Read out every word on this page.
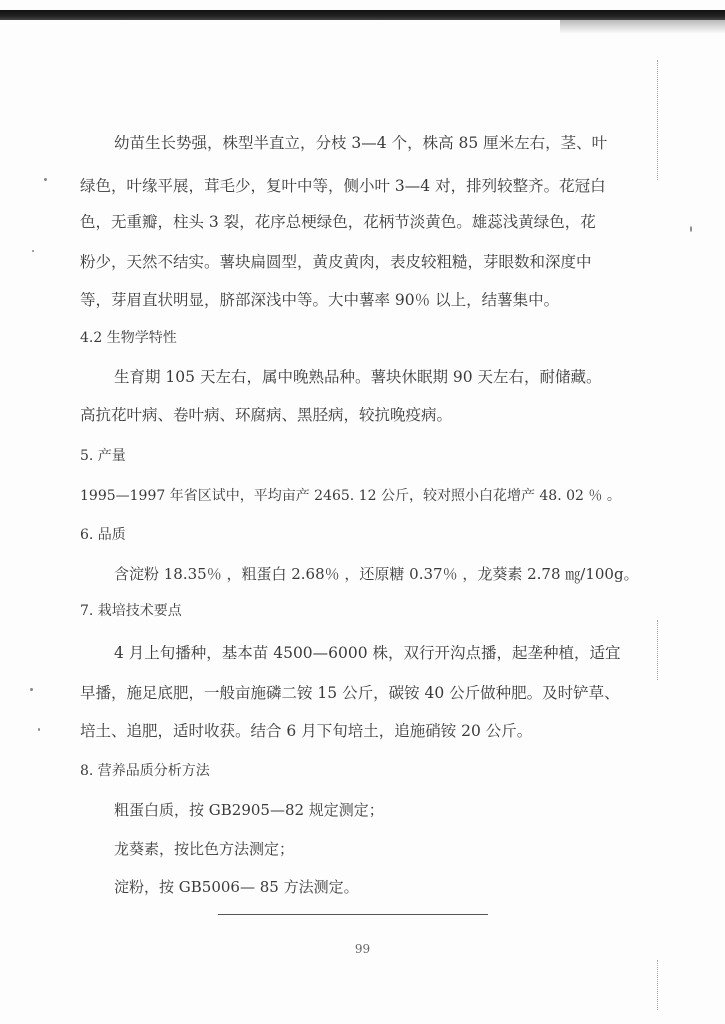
幼苗生长势强，株型半直立，分枝 3—4 个，株高 85 厘米左右，茎、叶
绿色，叶缘平展，茸毛少，复叶中等，侧小叶 3—4 对，排列较整齐。花冠白
色，无重瓣，柱头 3 裂，花序总梗绿色，花柄节淡黄色。雄蕊浅黄绿色，花
粉少，天然不结实。薯块扁圆型，黄皮黄肉，表皮较粗糙，芽眼数和深度中
等，芽眉直状明显，脐部深浅中等。大中薯率 90％ 以上，结薯集中。
4.2 生物学特性
生育期 105 天左右，属中晚熟品种。薯块休眠期 90 天左右，耐储藏。
高抗花叶病、卷叶病、环腐病、黑胫病，较抗晚疫病。
5. 产量
1995—1997 年省区试中，平均亩产 2465. 12 公斤，较对照小白花增产 48. 02 ％ 。
6. 品质
含淀粉 18.35％ ，粗蛋白 2.68％ ，还原糖 0.37％ ，龙葵素 2.78 ㎎/100g。
7. 栽培技术要点
4 月上旬播种，基本苗 4500—6000 株，双行开沟点播，起垄种植，适宜
早播，施足底肥，一般亩施磷二铵 15 公斤，碳铵 40 公斤做种肥。及时铲草、
培土、追肥，适时收获。结合 6 月下旬培土，追施硝铵 20 公斤。
8. 营养品质分析方法
粗蛋白质，按 GB2905—82 规定测定；
龙葵素，按比色方法测定；
淀粉，按 GB5006— 85 方法测定。
99
